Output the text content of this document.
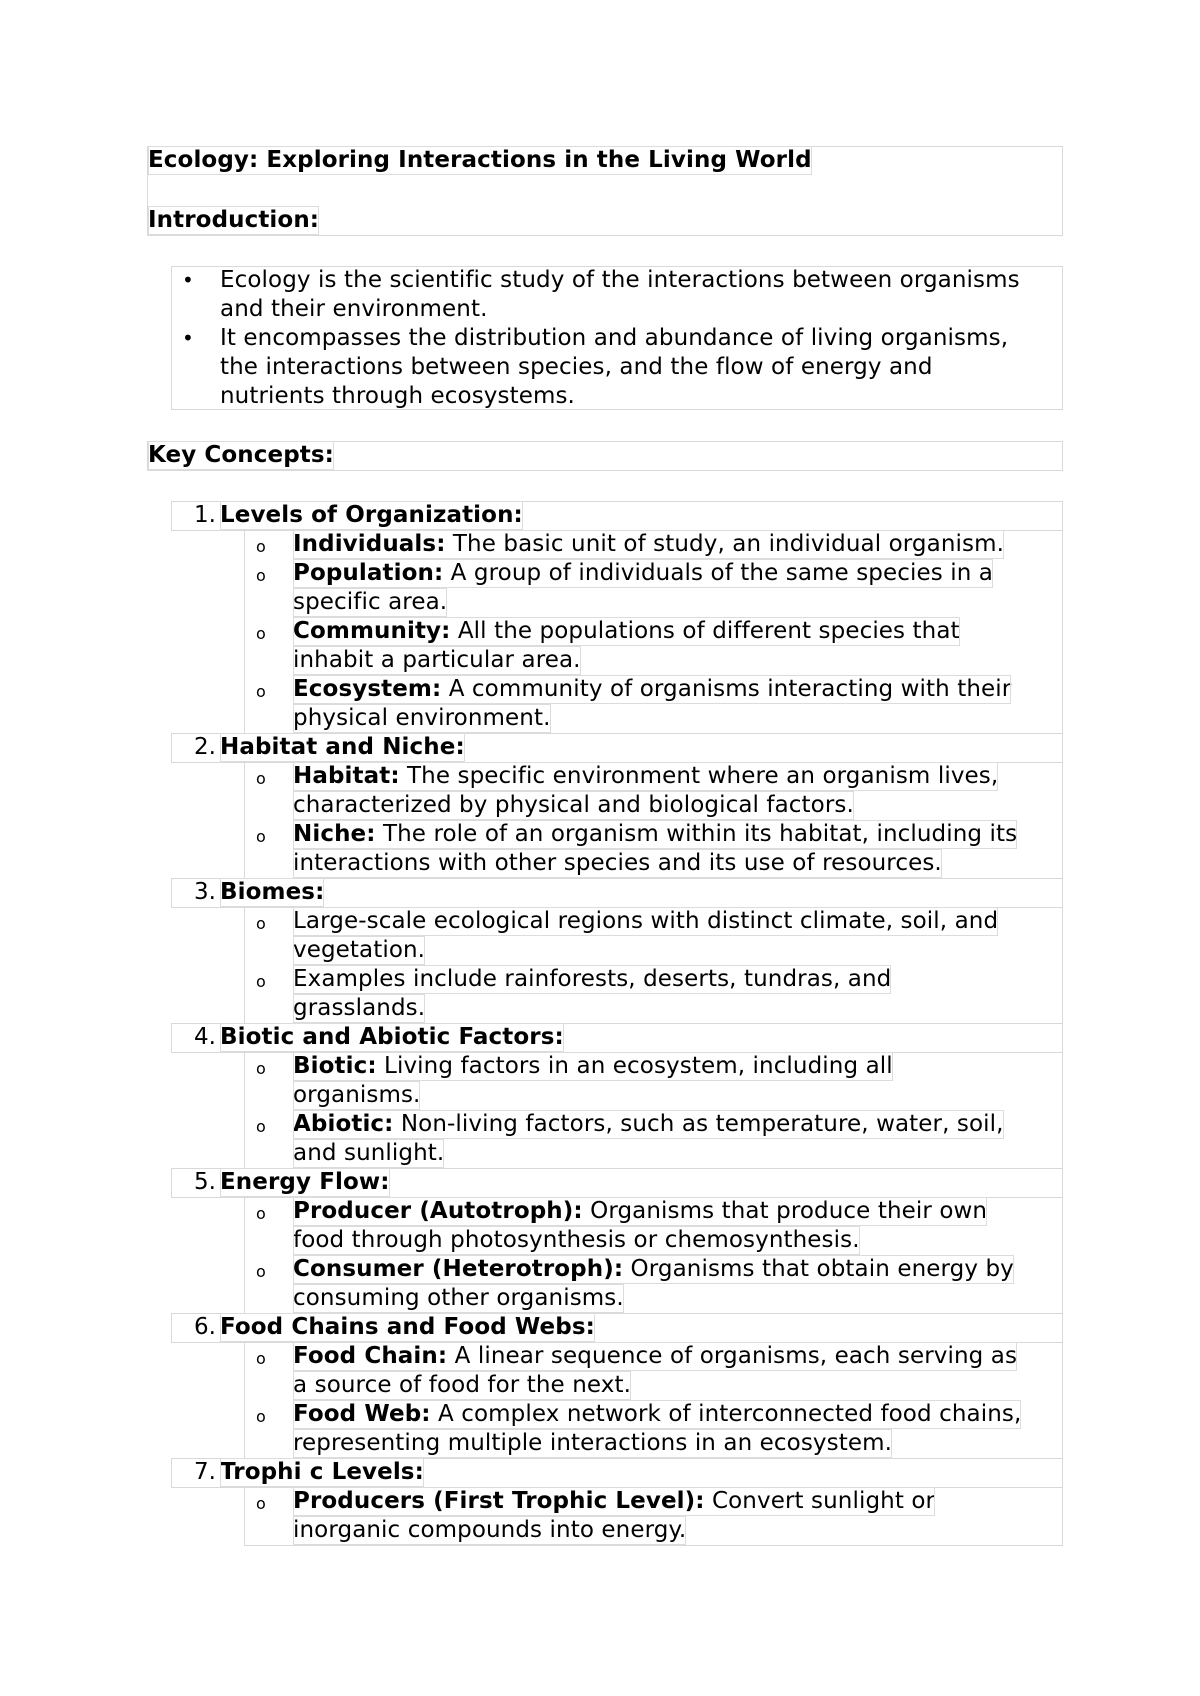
Ecology: Exploring Interactions in the Living World
Introduction:
• Ecology is the scientific study of the interactions between organisms
and their environment.
• It encompasses the distribution and abundance of living organisms,
the interactions between species, and the flow of energy and
nutrients through ecosystems.
Key Concepts:
1. Levels of Organization:
o Individuals: The basic unit of study, an individual organism.
o Population: A group of individuals of the same species in a
specific area.
o Community: All the populations of different species that
inhabit a particular area.
o Ecosystem: A community of organisms interacting with their
physical environment.
2. Habitat and Niche:
o Habitat: The specific environment where an organism lives,
characterized by physical and biological factors.
o Niche: The role of an organism within its habitat, including its
interactions with other species and its use of resources.
3. Biomes:
o Large-scale ecological regions with distinct climate, soil, and
vegetation.
o Examples include rainforests, deserts, tundras, and
grasslands.
4. Biotic and Abiotic Factors:
o Biotic: Living factors in an ecosystem, including all
organisms.
o Abiotic: Non-living factors, such as temperature, water, soil,
and sunlight.
5. Energy Flow:
o Producer (Autotroph): Organisms that produce their own
food through photosynthesis or chemosynthesis.
o Consumer (Heterotroph): Organisms that obtain energy by
consuming other organisms.
6. Food Chains and Food Webs:
o Food Chain: A linear sequence of organisms, each serving as
a source of food for the next.
o Food Web: A complex network of interconnected food chains,
representing multiple interactions in an ecosystem.
7. Trophi c Levels:
o Producers (First Trophic Level): Convert sunlight or
inorganic compounds into energy.
